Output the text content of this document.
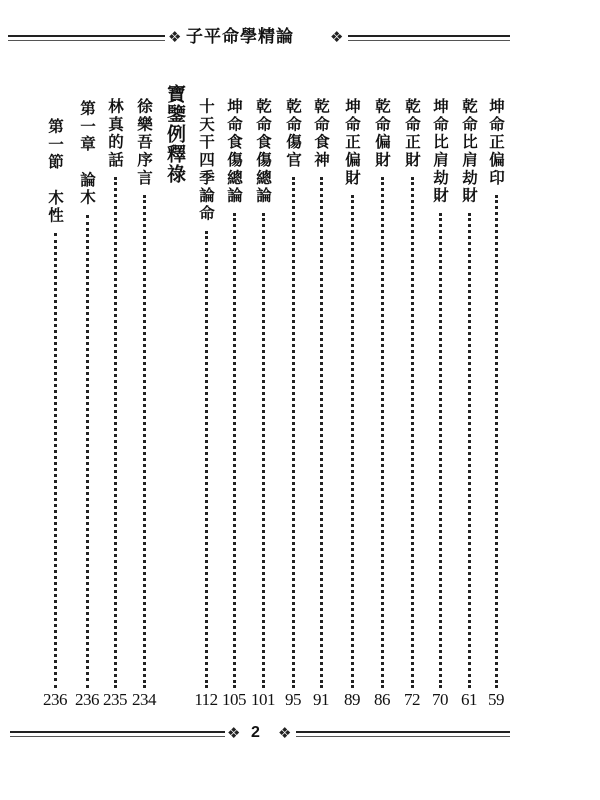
❖ 子平命學精論 ❖
寶鑒例釋祿	坤命正偏印
59
乾命比肩劫財
61
坤命比肩劫財
70
乾命正財
72
乾命偏財
86
坤命正偏財
89
乾命食神
91
乾命傷官
95
乾命食傷總論
101
坤命食傷總論
105
十天干四季論命
112
徐樂吾序言
234
林真的話
235
第一章　論木
236
第一節　木性
236
❖ 2 ❖
